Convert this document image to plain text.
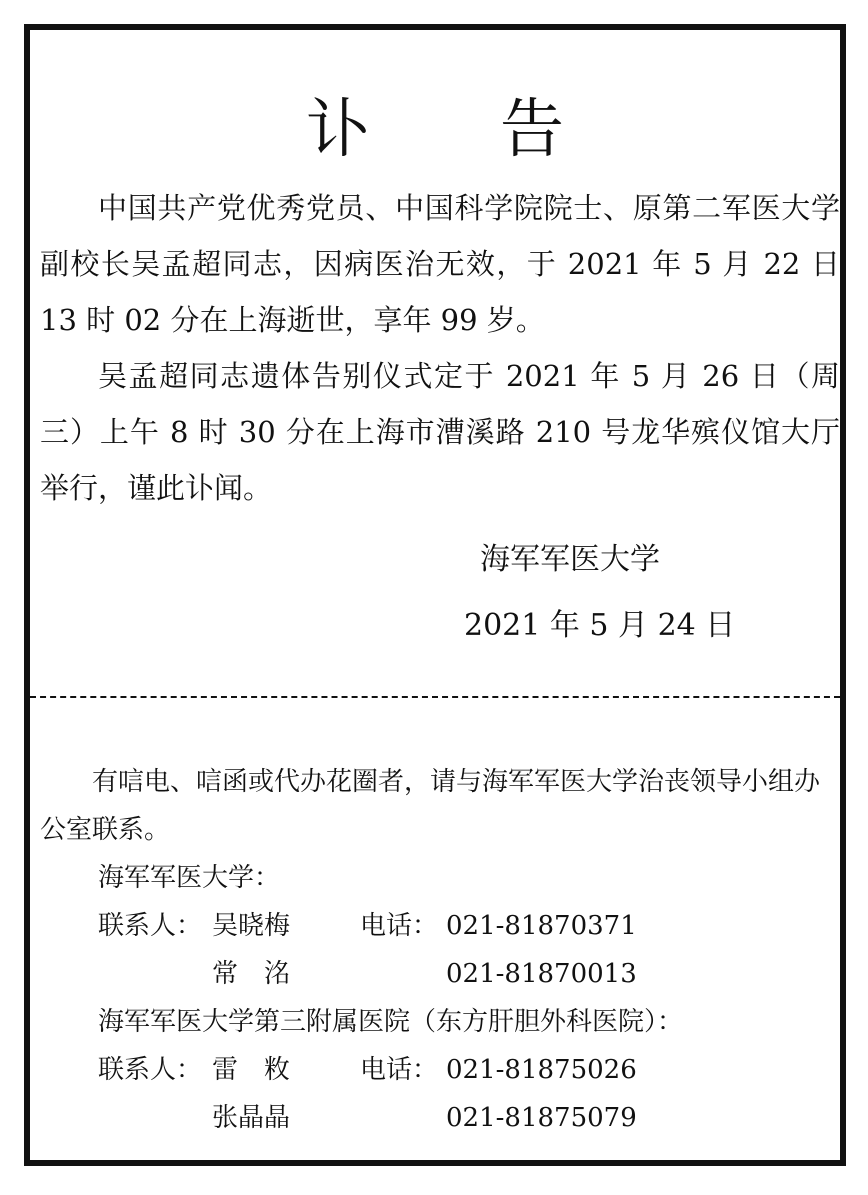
讣 告

中国共产党优秀党员、中国科学院院士、原第二军医大学副校长吴孟超同志，因病医治无效，于 2021 年 5 月 22 日 13 时 02 分在上海逝世，享年 99 岁。

吴孟超同志遗体告别仪式定于 2021 年 5 月 26 日（周三）上午 8 时 30 分在上海市漕溪路 210 号龙华殡仪馆大厅举行，谨此讣闻。

海军军医大学
2021 年 5 月 24 日

有唁电、唁函或代办花圈者，请与海军军医大学治丧领导小组办公室联系。

海军军医大学：
联系人： 吴晓梅	电话： 021-81870371
常　洺	021-81870013
海军军医大学第三附属医院（东方肝胆外科医院）：
联系人： 雷　敉	电话： 021-81875026
张晶晶	021-81875079
